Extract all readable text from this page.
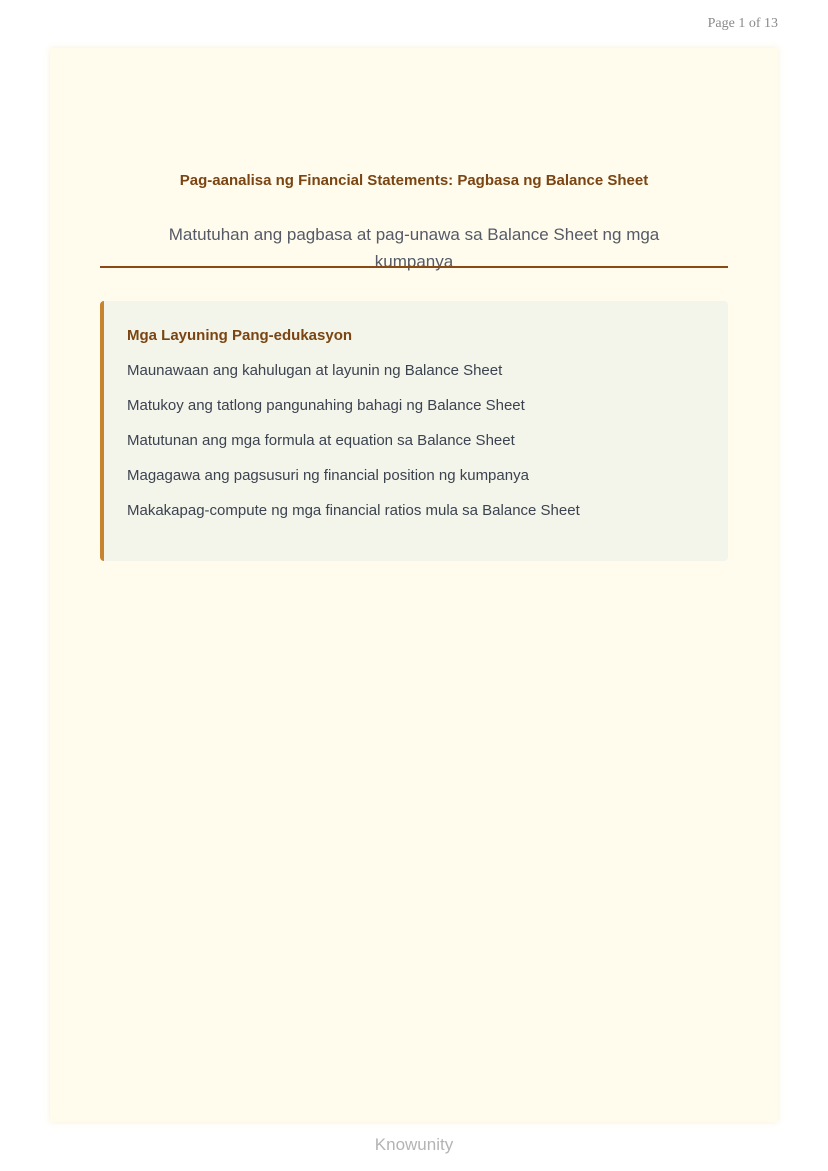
Page 1 of 13
Pag-aanalisa ng Financial Statements: Pagbasa ng Balance Sheet

Matutuhan ang pagbasa at pag-unawa sa Balance Sheet ng mga kumpanya

Mga Layuning Pang-edukasyon
Maunawaan ang kahulugan at layunin ng Balance Sheet
Matukoy ang tatlong pangunahing bahagi ng Balance Sheet
Matutunan ang mga formula at equation sa Balance Sheet
Magagawa ang pagsusuri ng financial position ng kumpanya
Makakapag-compute ng mga financial ratios mula sa Balance Sheet
Knowunity
